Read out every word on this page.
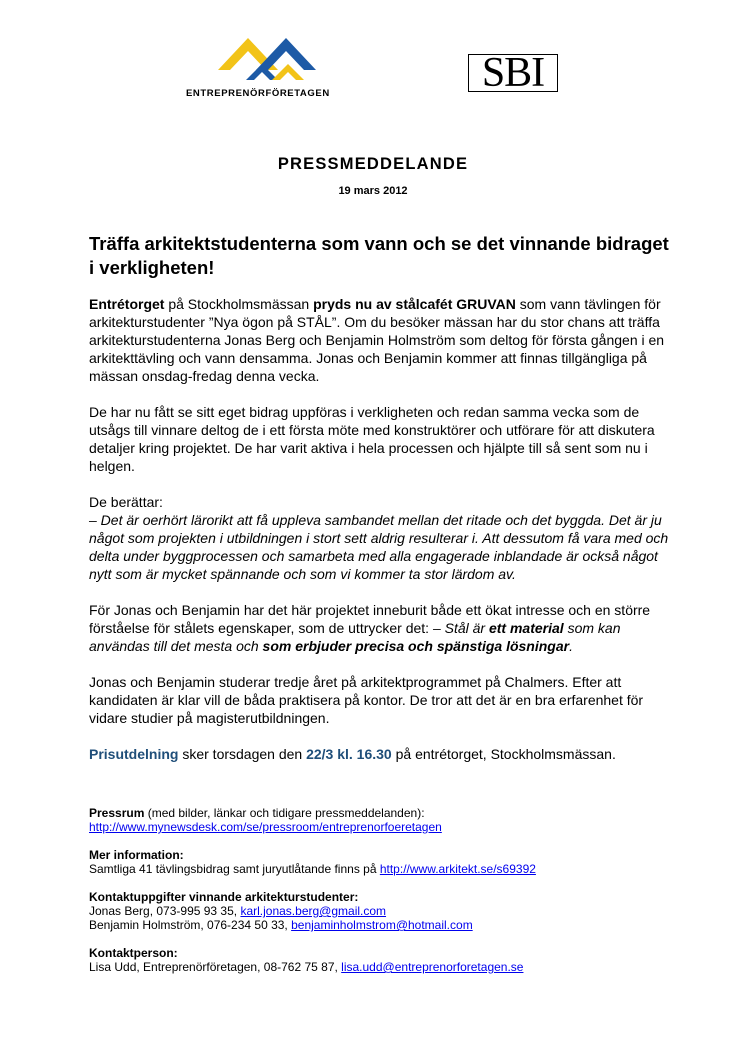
ENTREPRENÖRFÖRETAGEN	SBI
PRESSMEDDELANDE
19 mars 2012
Träffa arkitektstudenterna som vann och se det vinnande bidraget i verkligheten!

Entrétorget på Stockholmsmässan pryds nu av stålcafét GRUVAN som vann tävlingen för arkitekturstudenter ”Nya ögon på STÅL”. Om du besöker mässan har du stor chans att träffa arkitekturstudenterna Jonas Berg och Benjamin Holmström som deltog för första gången i en arkitekttävling och vann densamma. Jonas och Benjamin kommer att finnas tillgängliga på mässan onsdag-fredag denna vecka.

De har nu fått se sitt eget bidrag uppföras i verkligheten och redan samma vecka som de utsågs till vinnare deltog de i ett första möte med konstruktörer och utförare för att diskutera detaljer kring projektet. De har varit aktiva i hela processen och hjälpte till så sent som nu i helgen.

De berättar:
– Det är oerhört lärorikt att få uppleva sambandet mellan det ritade och det byggda. Det är ju något som projekten i utbildningen i stort sett aldrig resulterar i. Att dessutom få vara med och delta under byggprocessen och samarbeta med alla engagerade inblandade är också något nytt som är mycket spännande och som vi kommer ta stor lärdom av.

För Jonas och Benjamin har det här projektet inneburit både ett ökat intresse och en större förståelse för stålets egenskaper, som de uttrycker det: – Stål är ett material som kan användas till det mesta och som erbjuder precisa och spänstiga lösningar.

Jonas och Benjamin studerar tredje året på arkitektprogrammet på Chalmers. Efter att kandidaten är klar vill de båda praktisera på kontor. De tror att det är en bra erfarenhet för vidare studier på magisterutbildningen.

Prisutdelning sker torsdagen den 22/3 kl. 16.30 på entrétorget, Stockholmsmässan.

Pressrum (med bilder, länkar och tidigare pressmeddelanden):
http://www.mynewsdesk.com/se/pressroom/entreprenorfoeretagen
Mer information:
Samtliga 41 tävlingsbidrag samt juryutlåtande finns på http://www.arkitekt.se/s69392
Kontaktuppgifter vinnande arkitekturstudenter:
Jonas Berg, 073-995 93 35, karl.jonas.berg@gmail.com
Benjamin Holmström, 076-234 50 33, benjaminholmstrom@hotmail.com
Kontaktperson:
Lisa Udd, Entreprenörföretagen, 08-762 75 87, lisa.udd@entreprenorforetagen.se
